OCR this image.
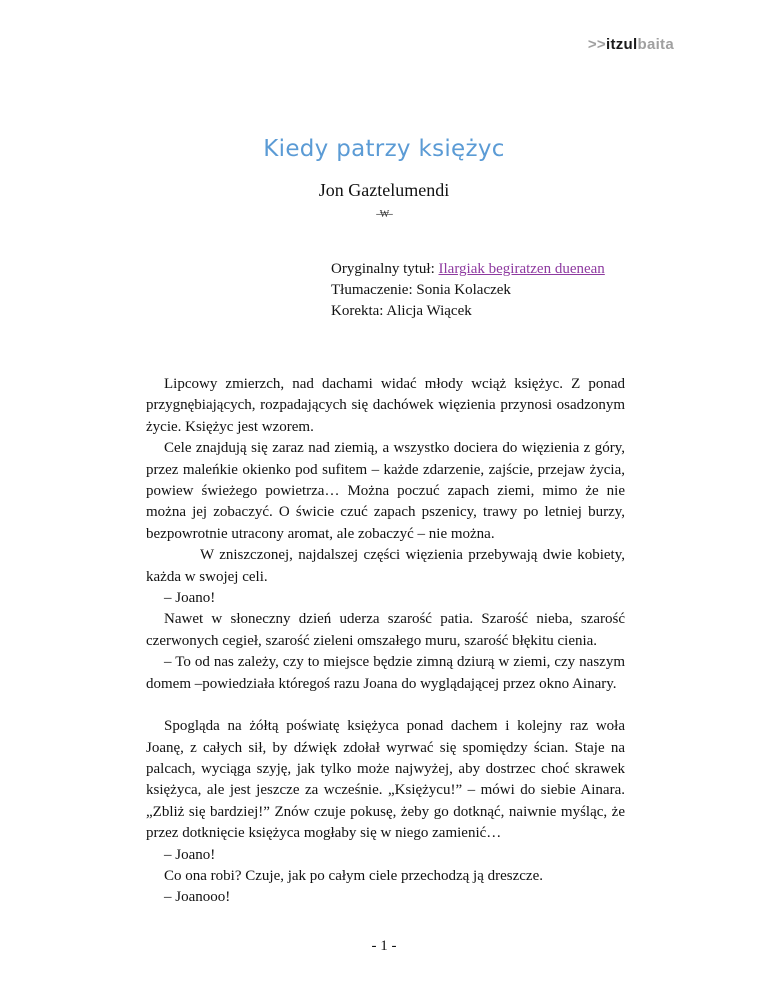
>>itzulbaita
Kiedy patrzy księżyc
Jon Gaztelumendi
–₩–
Oryginalny tytuł: Ilargiak begiratzen duenean
Tłumaczenie: Sonia Kolaczek
Korekta: Alicja Wiącek

Lipcowy zmierzch, nad dachami widać młody wciąż księżyc. Z ponad przygnębiających, rozpadających się dachówek więzienia przynosi osadzonym życie. Księżyc jest wzorem.

Cele znajdują się zaraz nad ziemią, a wszystko dociera do więzienia z góry, przez maleńkie okienko pod sufitem – każde zdarzenie, zajście, przejaw życia, powiew świeżego powietrza… Można poczuć zapach ziemi, mimo że nie można jej zobaczyć. O świcie czuć zapach pszenicy, trawy po letniej burzy, bezpowrotnie utracony aromat, ale zobaczyć – nie można.

W zniszczonej, najdalszej części więzienia przebywają dwie kobiety, każda w swojej celi.

– Joano!

Nawet w słoneczny dzień uderza szarość patia. Szarość nieba, szarość czerwonych cegieł, szarość zieleni omszałego muru, szarość błękitu cienia.

– To od nas zależy, czy to miejsce będzie zimną dziurą w ziemi, czy naszym domem –powiedziała któregoś razu Joana do wyglądającej przez okno Ainary.

Spogląda na żółtą poświatę księżyca ponad dachem i kolejny raz woła Joanę, z całych sił, by dźwięk zdołał wyrwać się spomiędzy ścian. Staje na palcach, wyciąga szyję, jak tylko może najwyżej, aby dostrzec choć skrawek księżyca, ale jest jeszcze za wcześnie. „Księżycu!” – mówi do siebie Ainara. „Zbliż się bardziej!” Znów czuje pokusę, żeby go dotknąć, naiwnie myśląc, że przez dotknięcie księżyca mogłaby się w niego zamienić…

– Joano!

Co ona robi? Czuje, jak po całym ciele przechodzą ją dreszcze.

– Joanooo!

- 1 -
